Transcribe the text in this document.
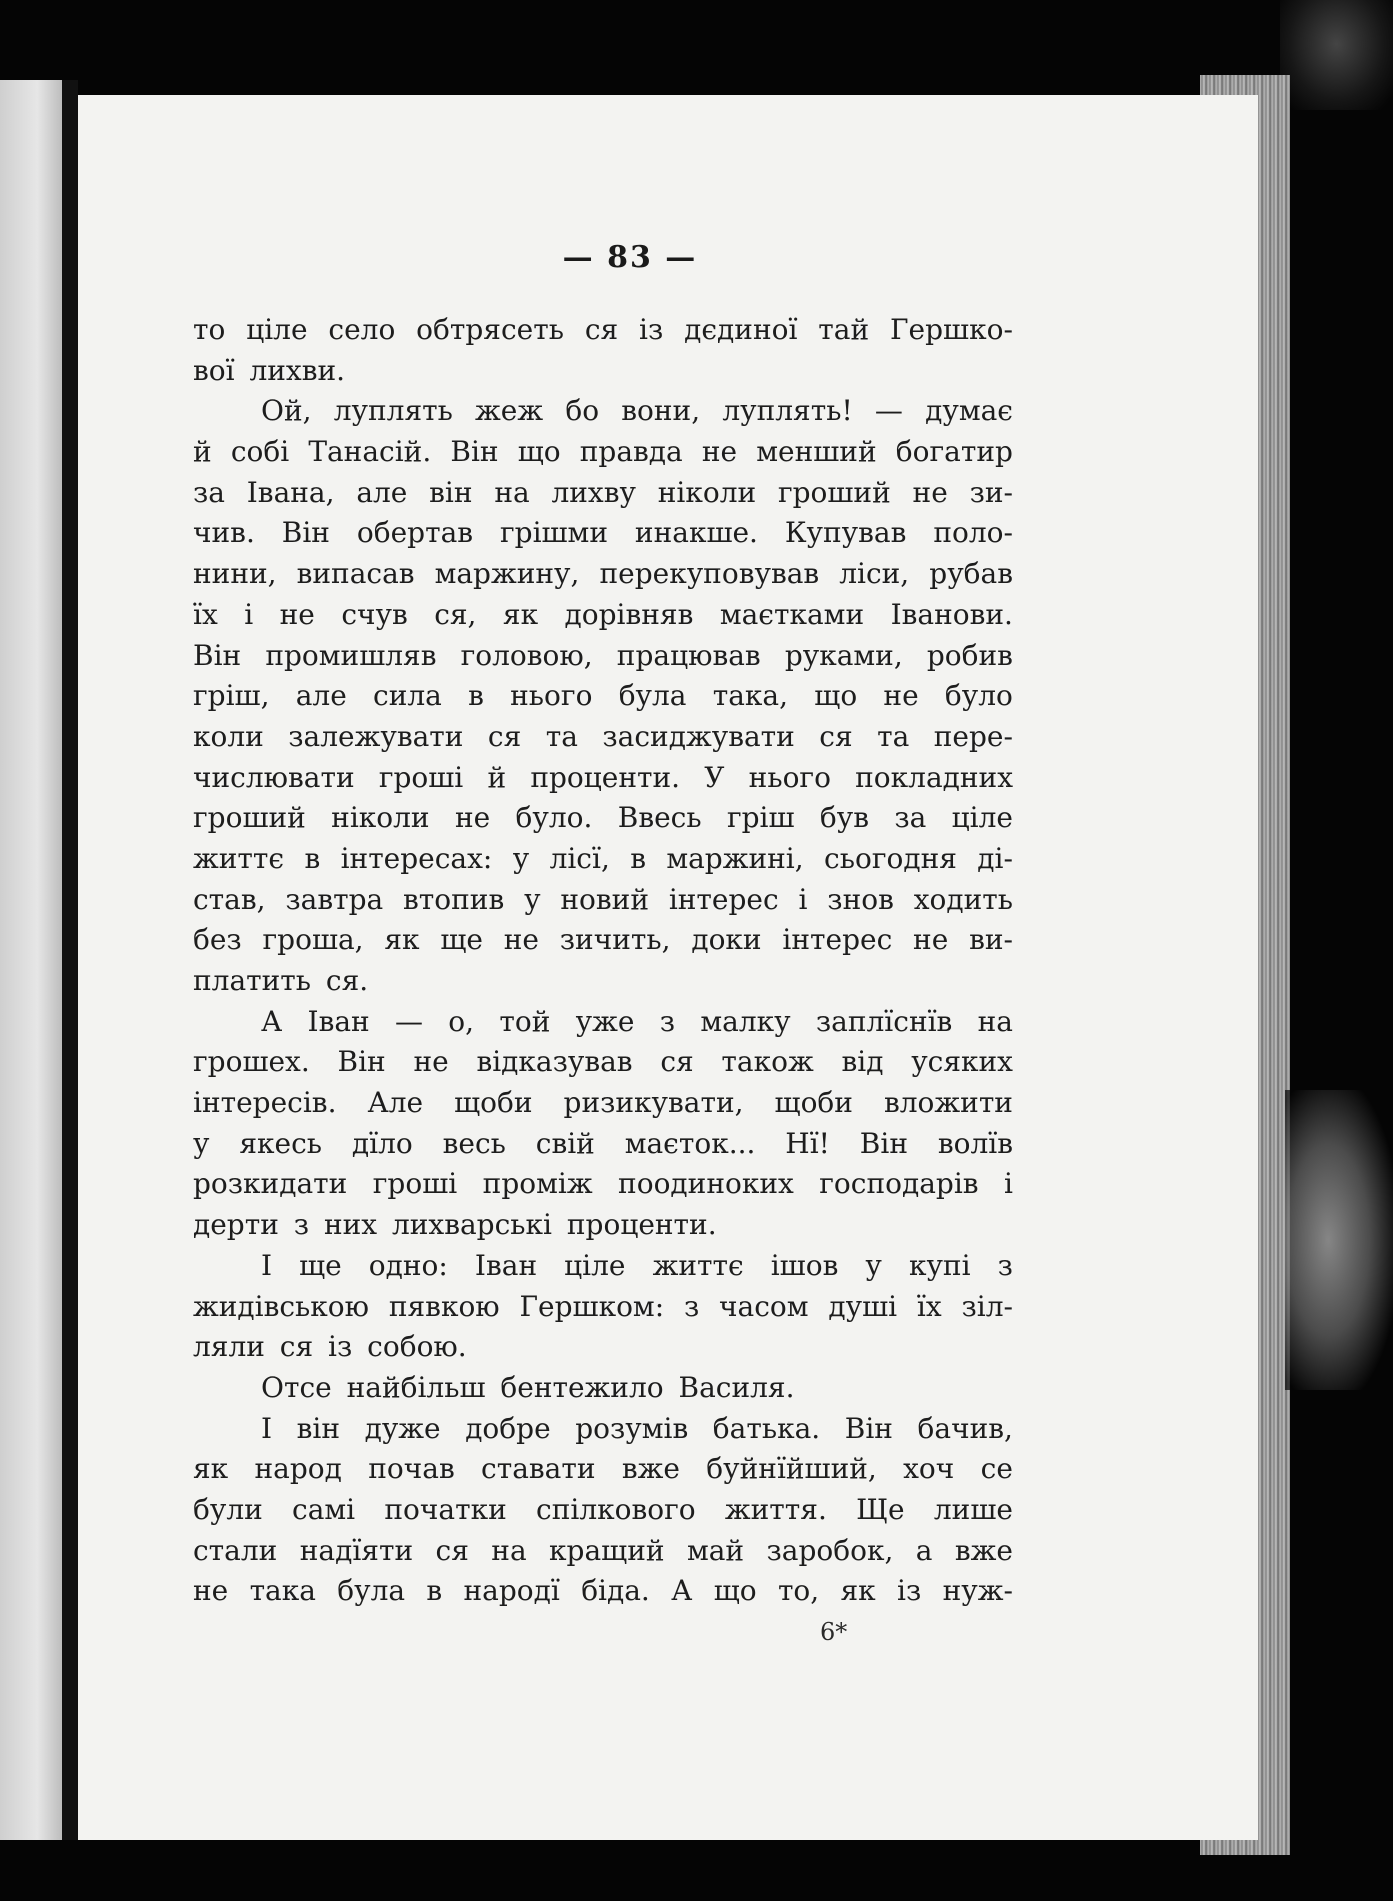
— 83 —
то ціле село обтрясеть ся із дєдиної тай Гершко-
вої лихви.
Ой, луплять жеж бо вони, луплять! — думає
й собі Танасій. Він що правда не менший богатир
за Івана, але він на лихву ніколи гроший не зи-
чив. Він обертав грішми инакше. Купував поло-
нини, випасав маржину, перекуповував ліси, рубав
їх і не счув ся, як дорівняв маєтками Іванови.
Він промишляв головою, працював руками, робив
гріш, але сила в нього була така, що не було
коли залежувати ся та засиджувати ся та пере-
числювати гроші й проценти. У нього покладних
гроший ніколи не було. Ввесь гріш був за ціле
життє в інтересах: у лісї, в маржині, сьогодня ді-
став, завтра втопив у новий інтерес і знов ходить
без гроша, як ще не зичить, доки інтерес не ви-
платить ся.
А Іван — о, той уже з малку заплїснїв на
грошех. Він не відказував ся також від усяких
інтересів. Але щоби ризикувати, щоби вложити
у якесь дїло весь свій маєток... Нї! Він волїв
розкидати гроші проміж поодиноких господарів і
дерти з них лихварські проценти.
І ще одно: Іван ціле життє ішов у купі з
жидівською пявкою Гершком: з часом душі їх зіл-
ляли ся із собою.
Отсе найбільш бентежило Василя.
І він дуже добре розумів батька. Він бачив,
як народ почав ставати вже буйнїйший, хоч се
були самі початки спілкового життя. Ще лише
стали надїяти ся на кращий май заробок, а вже
не така була в народї біда. А що то, як із нуж-
6*
